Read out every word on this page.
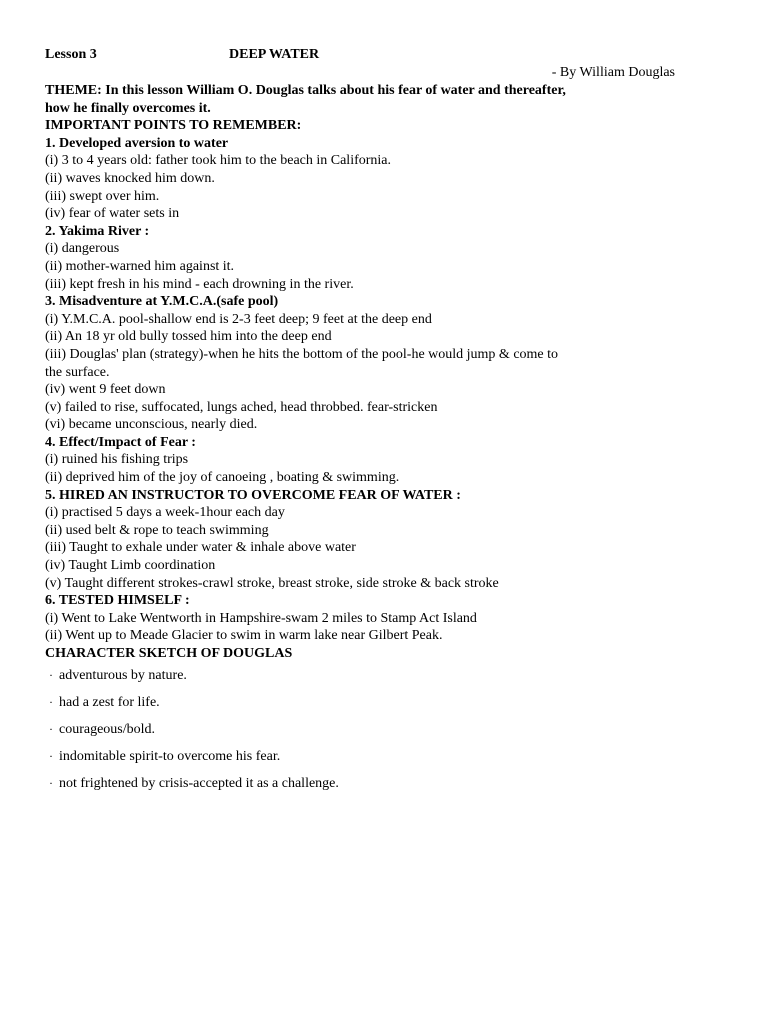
Lesson 3	DEEP WATER
- By William Douglas
THEME: In this lesson William O. Douglas talks about his fear of water and thereafter,
how he finally overcomes it.
IMPORTANT POINTS TO REMEMBER:
1. Developed aversion to water
(i) 3 to 4 years old: father took him to the beach in California.
(ii) waves knocked him down.
(iii) swept over him.
(iv) fear of water sets in
2. Yakima River :
(i) dangerous
(ii) mother-warned him against it.
(iii) kept fresh in his mind - each drowning in the river.
3. Misadventure at Y.M.C.A.(safe pool)
(i) Y.M.C.A. pool-shallow end is 2-3 feet deep; 9 feet at the deep end
(ii) An 18 yr old bully tossed him into the deep end
(iii) Douglas' plan (strategy)-when he hits the bottom of the pool-he would jump & come to
the surface.
(iv) went 9 feet down
(v) failed to rise, suffocated, lungs ached, head throbbed. fear-stricken
(vi) became unconscious, nearly died.
4. Effect/Impact of Fear :
(i) ruined his fishing trips
(ii) deprived him of the joy of canoeing , boating & swimming.
5. HIRED AN INSTRUCTOR TO OVERCOME FEAR OF WATER :
(i) practised 5 days a week-1hour each day
(ii) used belt & rope to teach swimming
(iii) Taught to exhale under water & inhale above water
(iv) Taught Limb coordination
(v) Taught different strokes-crawl stroke, breast stroke, side stroke & back stroke
6. TESTED HIMSELF :
(i) Went to Lake Wentworth in Hampshire-swam 2 miles to Stamp Act Island
(ii) Went up to Meade Glacier to swim in warm lake near Gilbert Peak.
CHARACTER SKETCH OF DOUGLAS
· adventurous by nature.
· had a zest for life.
· courageous/bold.
· indomitable spirit-to overcome his fear.
· not frightened by crisis-accepted it as a challenge.
